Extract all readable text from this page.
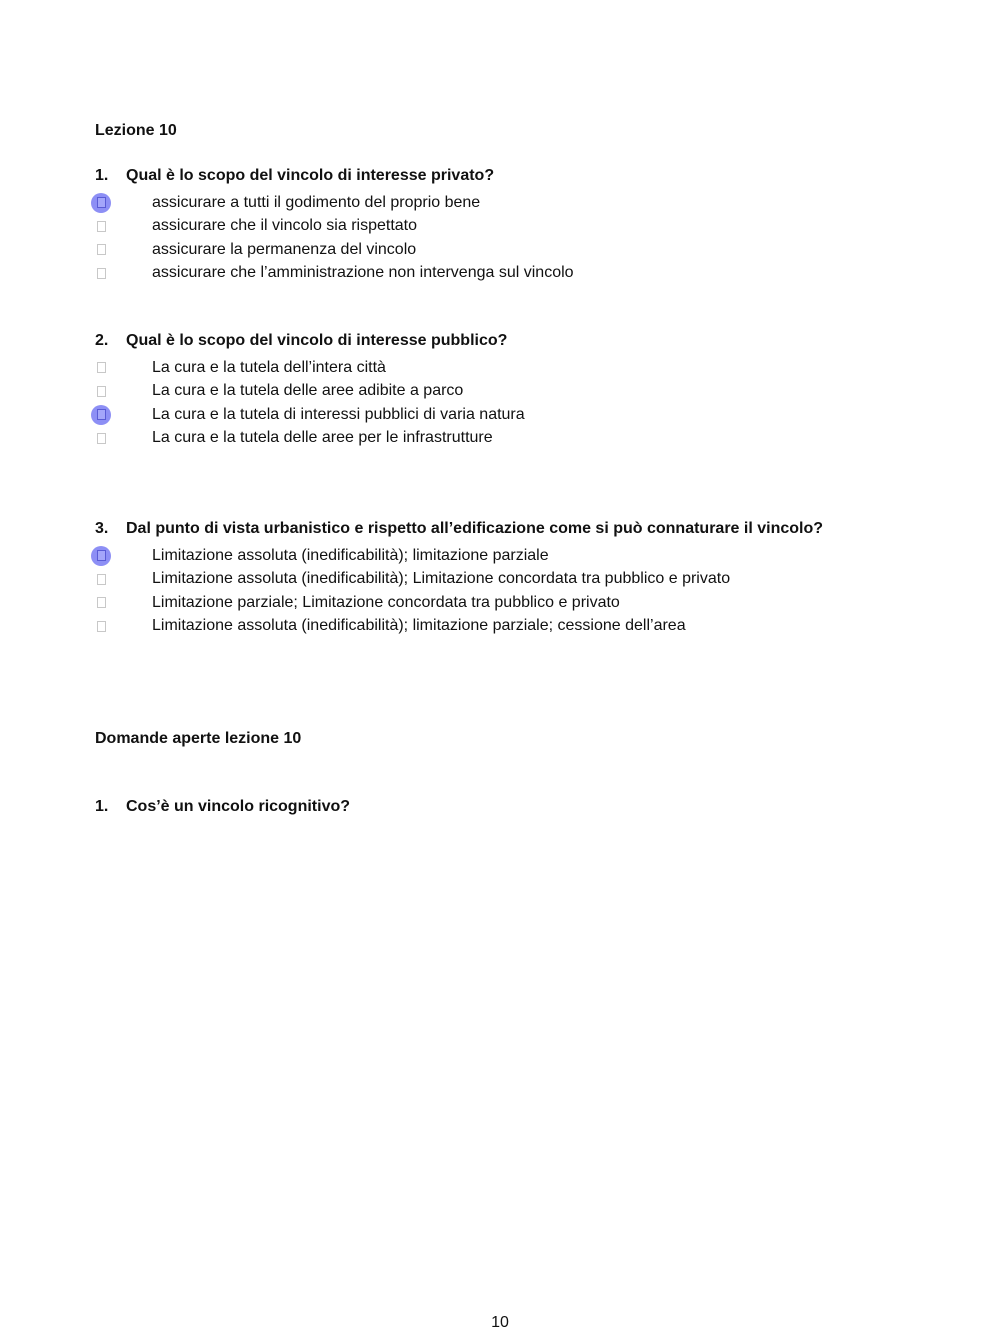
Lezione 10
1. Qual è lo scopo del vincolo di interesse privato?
assicurare a tutti il godimento del proprio bene
assicurare che il vincolo sia rispettato
assicurare la permanenza del vincolo
assicurare che l’amministrazione non intervenga sul vincolo
2. Qual è lo scopo del vincolo di interesse pubblico?
La cura e la tutela dell’intera città
La cura e la tutela delle aree adibite a parco
La cura e la tutela di interessi pubblici di varia natura
La cura e la tutela delle aree per le infrastrutture
3. Dal punto di vista urbanistico e rispetto all’edificazione come si può connaturare il vincolo?
Limitazione assoluta (inedificabilità); limitazione parziale
Limitazione assoluta (inedificabilità); Limitazione concordata tra pubblico e privato
Limitazione parziale; Limitazione concordata tra pubblico e privato
Limitazione assoluta (inedificabilità); limitazione parziale; cessione dell’area
Domande aperte lezione 10
1. Cos’è un vincolo ricognitivo?
10
